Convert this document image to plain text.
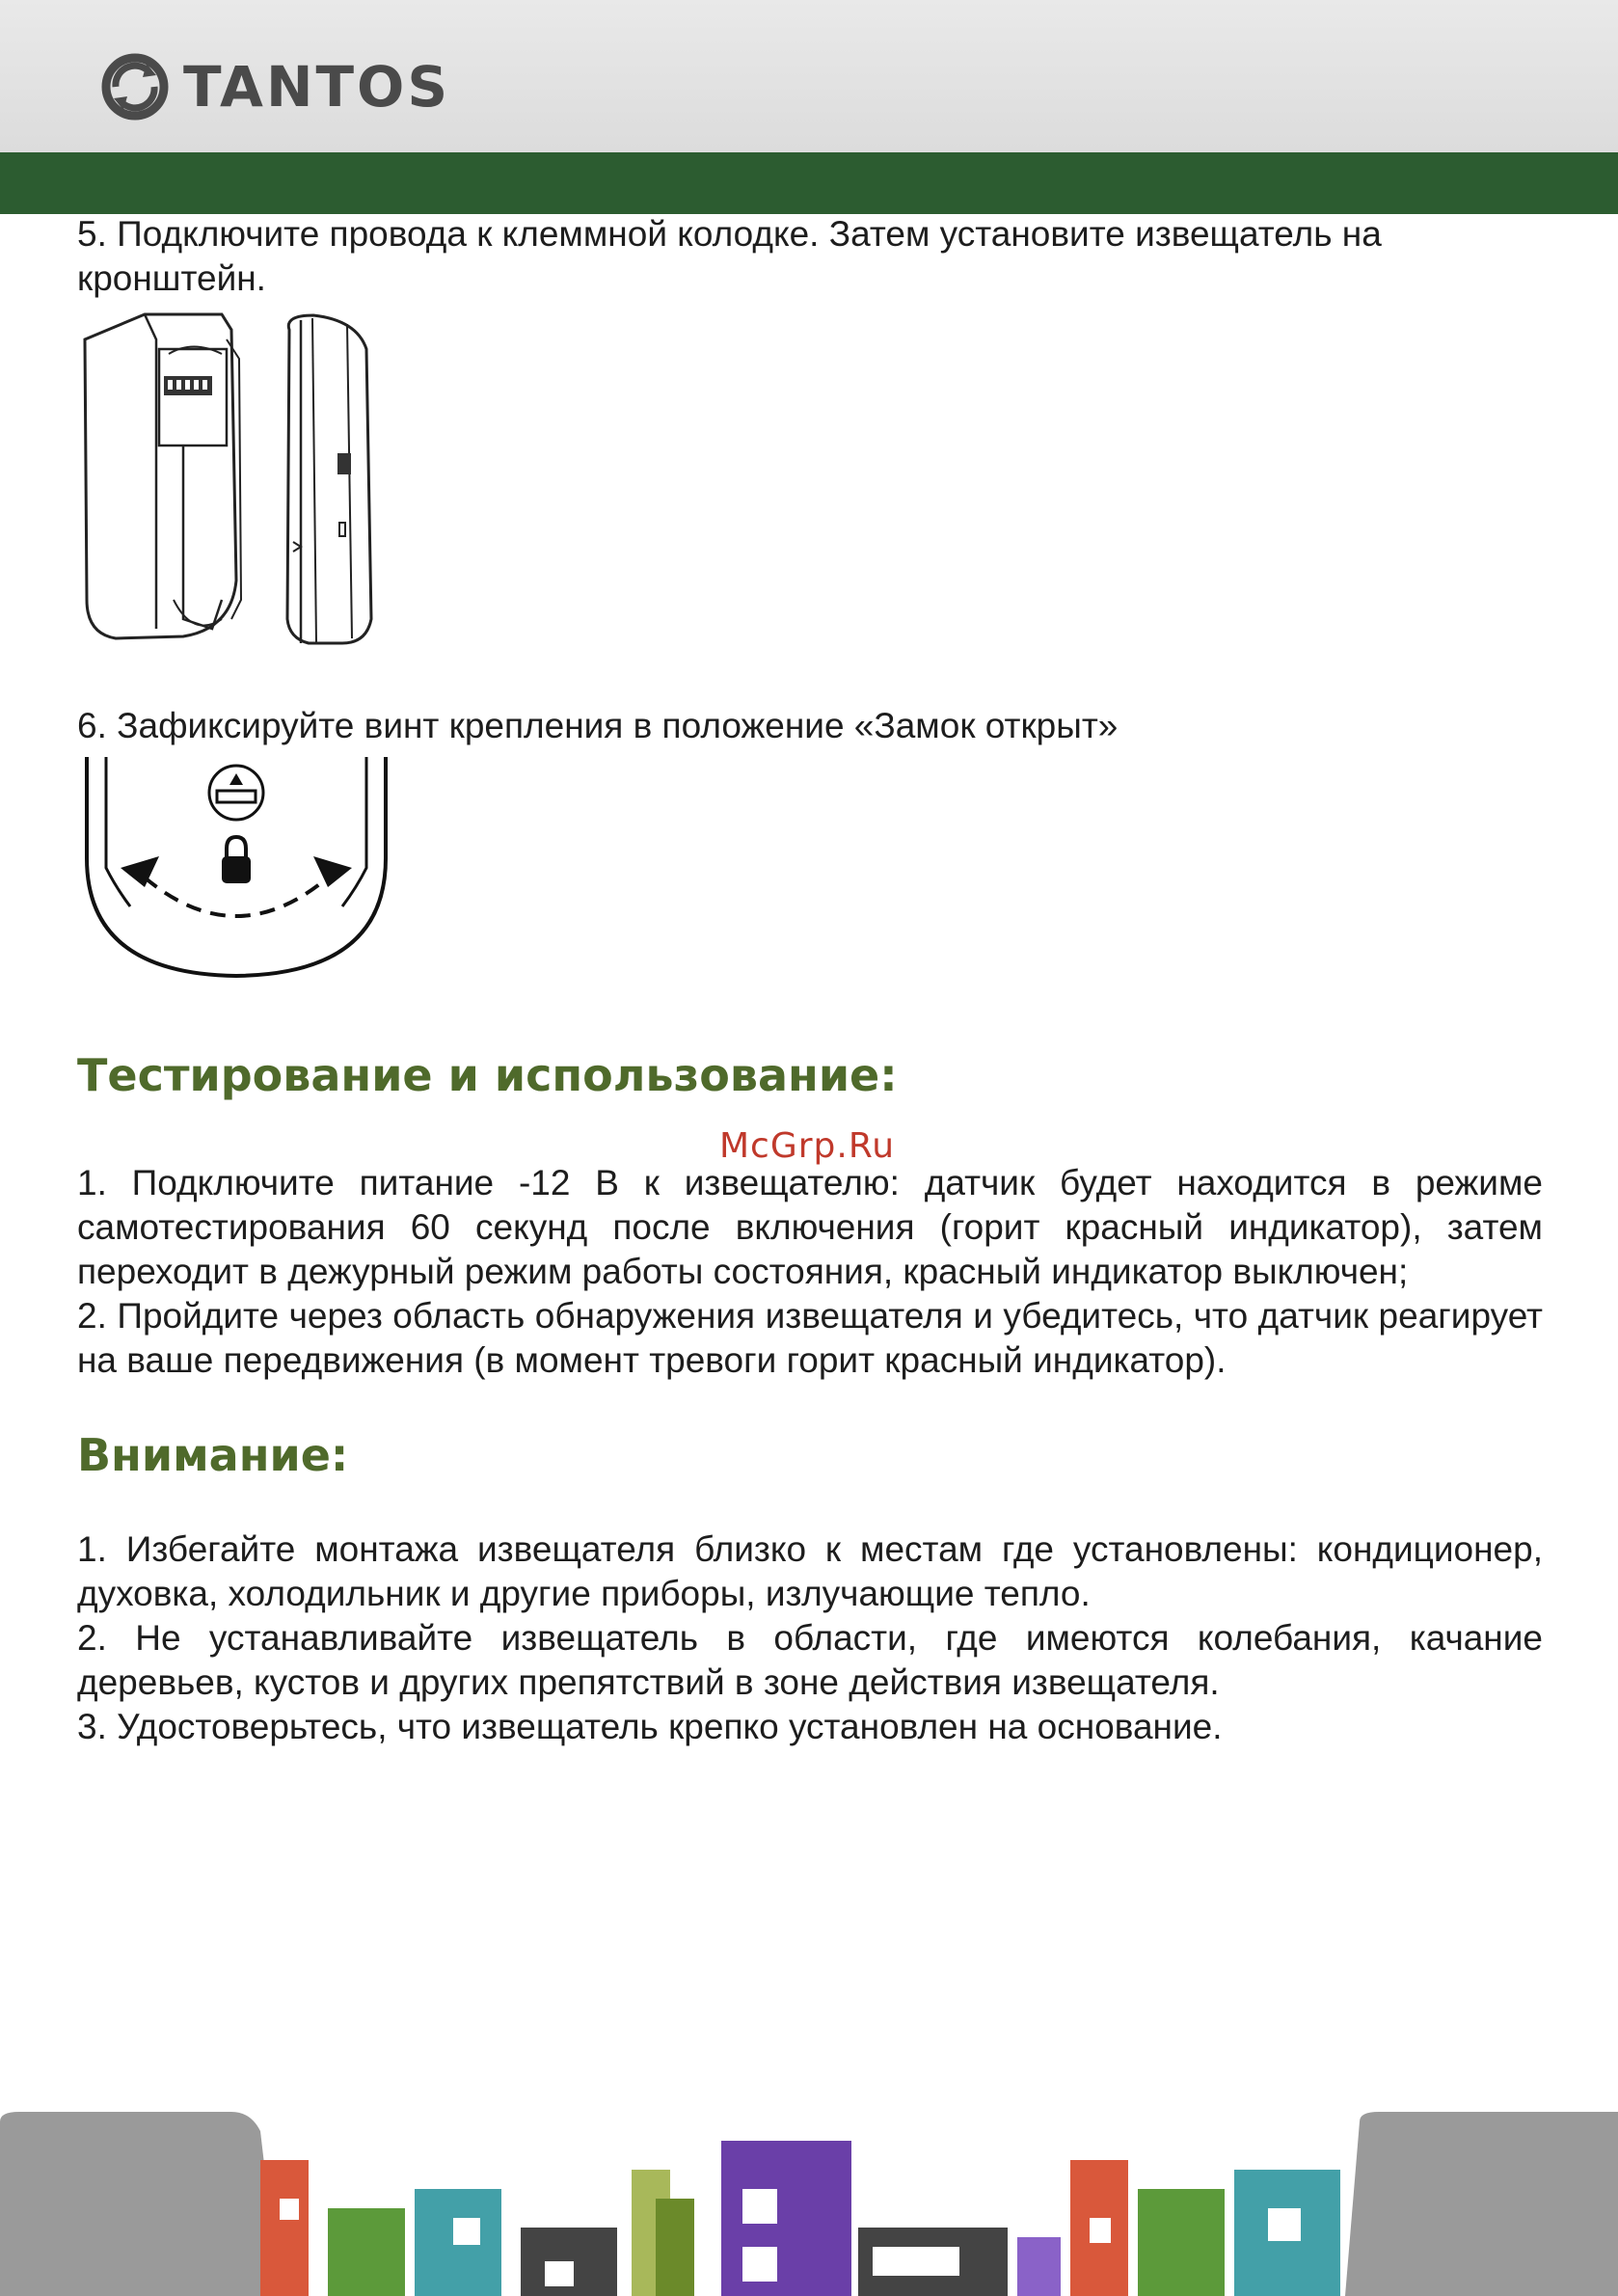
TANTOS

5. Подключите провода к клеммной колодке. Затем установите извещатель на кронштейн.

6. Зафиксируйте винт крепления в положение «Замок открыт»

Тестирование и использование:
McGrp.Ru
1. Подключите питание -12 В к извещателю: датчик будет находится в режиме самотестирования 60 секунд после включения (горит красный индикатор), затем переходит в дежурный режим работы состояния, красный индикатор выключен;
2. Пройдите через область обнаружения извещателя и убедитесь, что датчик реагирует на ваше передвижения (в момент тревоги горит красный индикатор).
Внимание:
1. Избегайте монтажа извещателя близко к местам где установлены: кондиционер, духовка, холодильник и другие приборы, излучающие тепло.
2. Не устанавливайте извещатель в области, где имеются колебания, качание деревьев, кустов и других препятствий в зоне действия извещателя.
3. Удостоверьтесь, что извещатель крепко установлен на основание.
